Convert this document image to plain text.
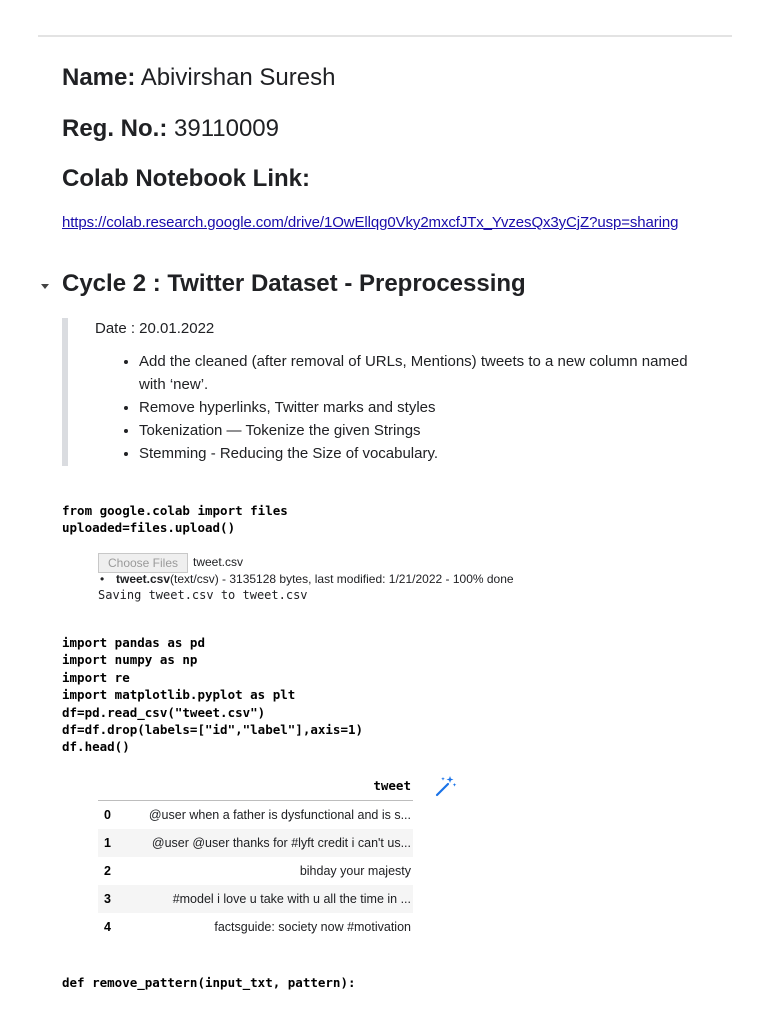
Name: Abivirshan Suresh
Reg. No.: 39110009
Colab Notebook Link:
https://colab.research.google.com/drive/1OwEllqg0Vky2mxcfJTx_YvzesQx3yCjZ?usp=sharing
Cycle 2 : Twitter Dataset - Preprocessing
Date : 20.01.2022
• Add the cleaned (after removal of URLs, Mentions) tweets to a new column named with ‘new’.
• Remove hyperlinks, Twitter marks and styles
• Tokenization — Tokenize the given Strings
• Stemming - Reducing the Size of vocabulary.
from google.colab import files
uploaded=files.upload()
Choose Files	tweet.csv
• tweet.csv(text/csv) - 3135128 bytes, last modified: 1/21/2022 - 100% done
Saving tweet.csv to tweet.csv
import pandas as pd
import numpy as np
import re
import matplotlib.pyplot as plt
df=pd.read_csv("tweet.csv")
df=df.drop(labels=["id","label"],axis=1)
df.head()
tweet
0	@user when a father is dysfunctional and is s...
1	@user @user thanks for #lyft credit i can't us...
2	bihday your majesty
3	#model i love u take with u all the time in ...
4	factsguide: society now #motivation
def remove_pattern(input_txt, pattern):
